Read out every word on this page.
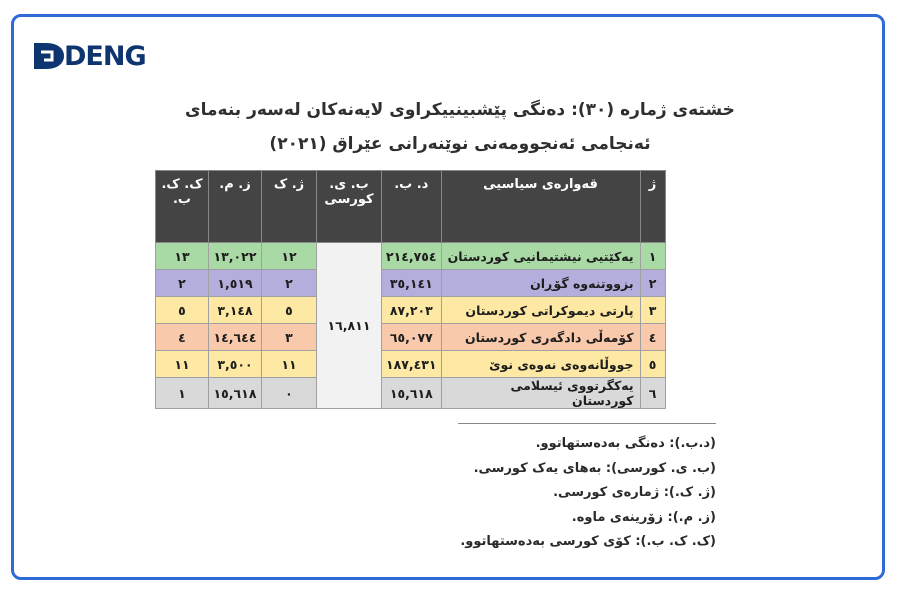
DENG
خشتەی ژمارە (٣٠): دەنگی پێشبینییکراوی لایەنەکان لەسەر بنەمای
ئەنجامی ئەنجوومەنی نوێنەرانی عێراق (٢٠٢١)
ژ	قەوارەی سیاسیی	د. ب.	ب. ی. کورسی	ژ. ک	ز. م.	ک. ک. ب.
١	یەکێتیی نیشتیمانیی کوردستان	٢١٤,٧٥٤	١٦,٨١١	١٢	١٣,٠٢٢	١٣
٢	بزووتنەوە گۆڕان	٣٥,١٤١		٢	١,٥١٩	٢
٣	پارتی دیموکراتی کوردستان	٨٧,٢٠٣		٥	٣,١٤٨	٥
٤	کۆمەڵی دادگەری کوردستان	٦٥,٠٧٧		٣	١٤,٦٤٤	٤
٥	جووڵانەوەی نەوەی نوێ	١٨٧,٤٣١		١١	٣,٥٠٠	١١
٦	یەکگرتووی ئیسلامی کوردستان	١٥,٦١٨		٠	١٥,٦١٨	١
(د.ب.): دەنگی بەدەستهاتوو.
(ب. ی. کورسی): بەهای یەک کورسی.
(ژ. ک.): ژمارەی کورسی.
(ز. م.): زۆرینەی ماوە.
(ک. ک. ب.): کۆی کورسی بەدەستهاتوو.
